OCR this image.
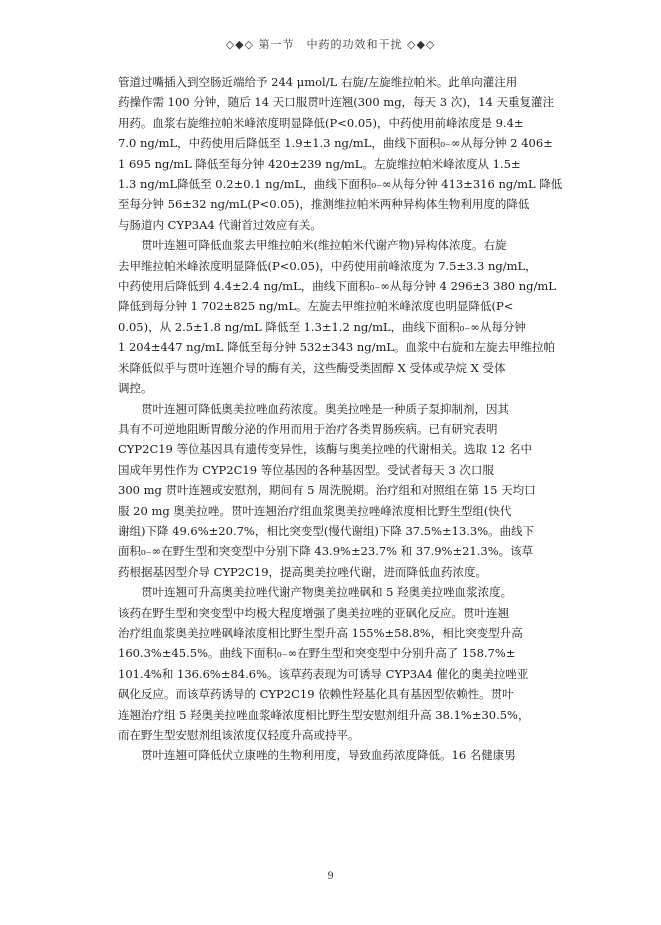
◇◆◇ 第一节　中药的功效和干扰 ◇◆◇
管道过嘴插入到空肠近端给予 244 μmol/L 右旋/左旋维拉帕米。此单向灌注用
药操作需 100 分钟，随后 14 天口服贯叶连翘(300 mg，每天 3 次)，14 天重复灌注
用药。血浆右旋维拉帕米峰浓度明显降低(P<0.05)，中药使用前峰浓度是 9.4±
7.0 ng/mL，中药使用后降低至 1.9±1.3 ng/mL，曲线下面积₀₋∞从每分钟 2 406±
1 695 ng/mL 降低至每分钟 420±239 ng/mL。左旋维拉帕米峰浓度从 1.5±
1.3 ng/mL降低至 0.2±0.1 ng/mL，曲线下面积₀₋∞从每分钟 413±316 ng/mL 降低
至每分钟 56±32 ng/mL(P<0.05)，推测维拉帕米两种异构体生物利用度的降低
与肠道内 CYP3A4 代谢首过效应有关。
　　贯叶连翘可降低血浆去甲维拉帕米(维拉帕米代谢产物)异构体浓度。右旋
去甲维拉帕米峰浓度明显降低(P<0.05)，中药使用前峰浓度为 7.5±3.3 ng/mL，
中药使用后降低到 4.4±2.4 ng/mL，曲线下面积₀₋∞从每分钟 4 296±3 380 ng/mL
降低到每分钟 1 702±825 ng/mL。左旋去甲维拉帕米峰浓度也明显降低(P<
0.05)，从 2.5±1.8 ng/mL 降低至 1.3±1.2 ng/mL，曲线下面积₀₋∞从每分钟
1 204±447 ng/mL 降低至每分钟 532±343 ng/mL。血浆中右旋和左旋去甲维拉帕
米降低似乎与贯叶连翘介导的酶有关，这些酶受类固醇 X 受体或孕烷 X 受体
调控。
　　贯叶连翘可降低奥美拉唑血药浓度。奥美拉唑是一种质子泵抑制剂，因其
具有不可逆地阻断胃酸分泌的作用而用于治疗各类胃肠疾病。已有研究表明
CYP2C19 等位基因具有遗传变异性，该酶与奥美拉唑的代谢相关。选取 12 名中
国成年男性作为 CYP2C19 等位基因的各种基因型。受试者每天 3 次口服
300 mg 贯叶连翘或安慰剂，期间有 5 周洗脱期。治疗组和对照组在第 15 天均口
服 20 mg 奥美拉唑。贯叶连翘治疗组血浆奥美拉唑峰浓度相比野生型组(快代
谢组)下降 49.6%±20.7%，相比突变型(慢代谢组)下降 37.5%±13.3%。曲线下
面积₀₋∞在野生型和突变型中分别下降 43.9%±23.7% 和 37.9%±21.3%。该草
药根据基因型介导 CYP2C19，提高奥美拉唑代谢，进而降低血药浓度。
　　贯叶连翘可升高奥美拉唑代谢产物奥美拉唑砜和 5 羟奥美拉唑血浆浓度。
该药在野生型和突变型中均极大程度增强了奥美拉唑的亚砜化反应。贯叶连翘
治疗组血浆奥美拉唑砜峰浓度相比野生型升高 155%±58.8%，相比突变型升高
160.3%±45.5%。曲线下面积₀₋∞在野生型和突变型中分别升高了 158.7%±
101.4%和 136.6%±84.6%。该草药表现为可诱导 CYP3A4 催化的奥美拉唑亚
砜化反应。而该草药诱导的 CYP2C19 依赖性羟基化具有基因型依赖性。贯叶
连翘治疗组 5 羟奥美拉唑血浆峰浓度相比野生型安慰剂组升高 38.1%±30.5%，
而在野生型安慰剂组该浓度仅轻度升高或持平。
　　贯叶连翘可降低伏立康唑的生物利用度，导致血药浓度降低。16 名健康男
9
